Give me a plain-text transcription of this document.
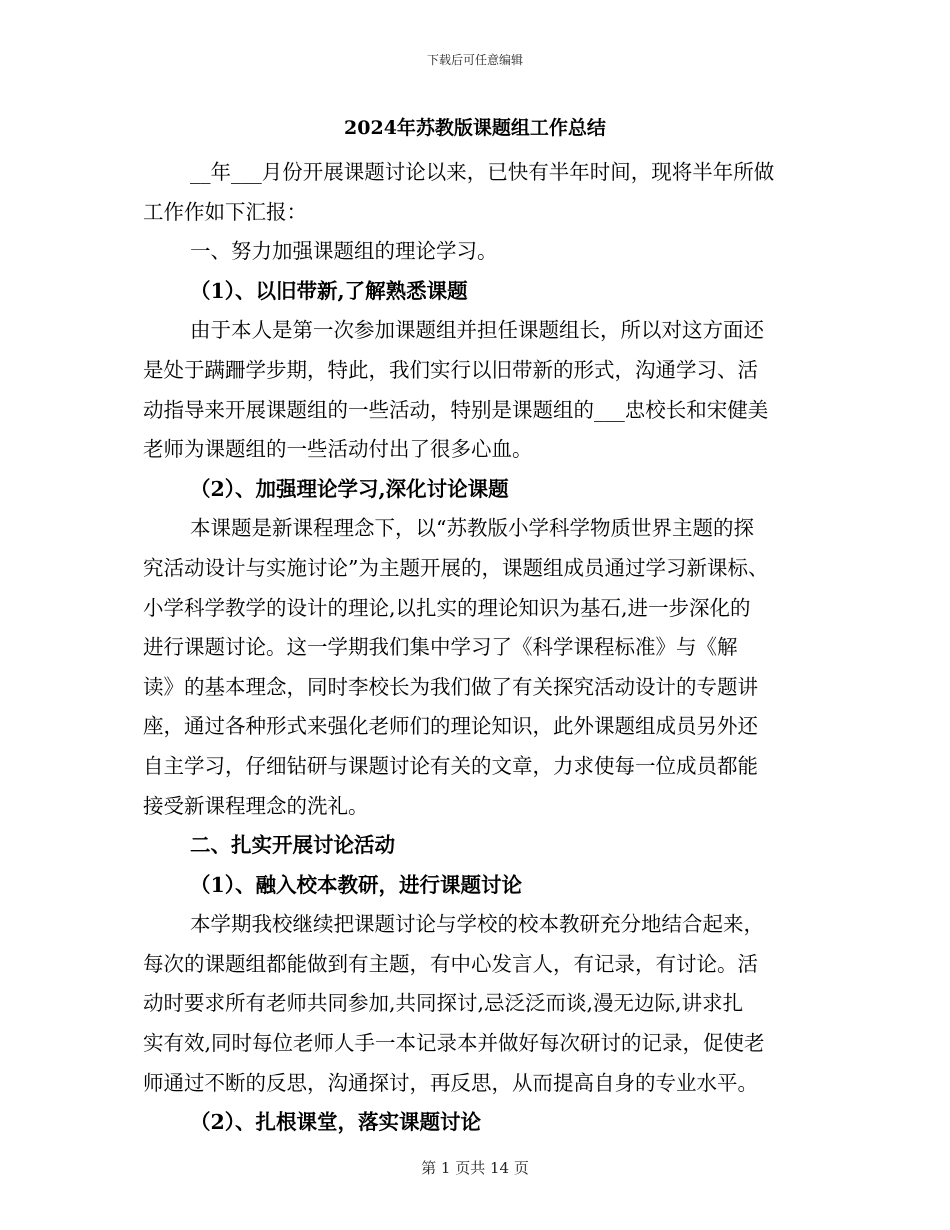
下载后可任意编辑
2024年苏教版课题组工作总结
__年___月份开展课题讨论以来，已快有半年时间，现将半年所做
工作作如下汇报：
一、努力加强课题组的理论学习。
（1）、以旧带新,了解熟悉课题
由于本人是第一次参加课题组并担任课题组长，所以对这方面还
是处于蹒跚学步期，特此，我们实行以旧带新的形式，沟通学习、活
动指导来开展课题组的一些活动，特别是课题组的___忠校长和宋健美
老师为课题组的一些活动付出了很多心血。
（2）、加强理论学习,深化讨论课题
本课题是新课程理念下，以“苏教版小学科学物质世界主题的探
究活动设计与实施讨论”为主题开展的，课题组成员通过学习新课标、
小学科学教学的设计的理论,以扎实的理论知识为基石,进一步深化的
进行课题讨论。这一学期我们集中学习了《科学课程标准》与《解
读》的基本理念，同时李校长为我们做了有关探究活动设计的专题讲
座，通过各种形式来强化老师们的理论知识，此外课题组成员另外还
自主学习，仔细钻研与课题讨论有关的文章，力求使每一位成员都能
接受新课程理念的洗礼。
二、扎实开展讨论活动
（1）、融入校本教研，进行课题讨论
本学期我校继续把课题讨论与学校的校本教研充分地结合起来，
每次的课题组都能做到有主题，有中心发言人，有记录，有讨论。活
动时要求所有老师共同参加,共同探讨,忌泛泛而谈,漫无边际,讲求扎
实有效,同时每位老师人手一本记录本并做好每次研讨的记录，促使老
师通过不断的反思，沟通探讨，再反思，从而提高自身的专业水平。
（2）、扎根课堂，落实课题讨论
第 1 页共 14 页
